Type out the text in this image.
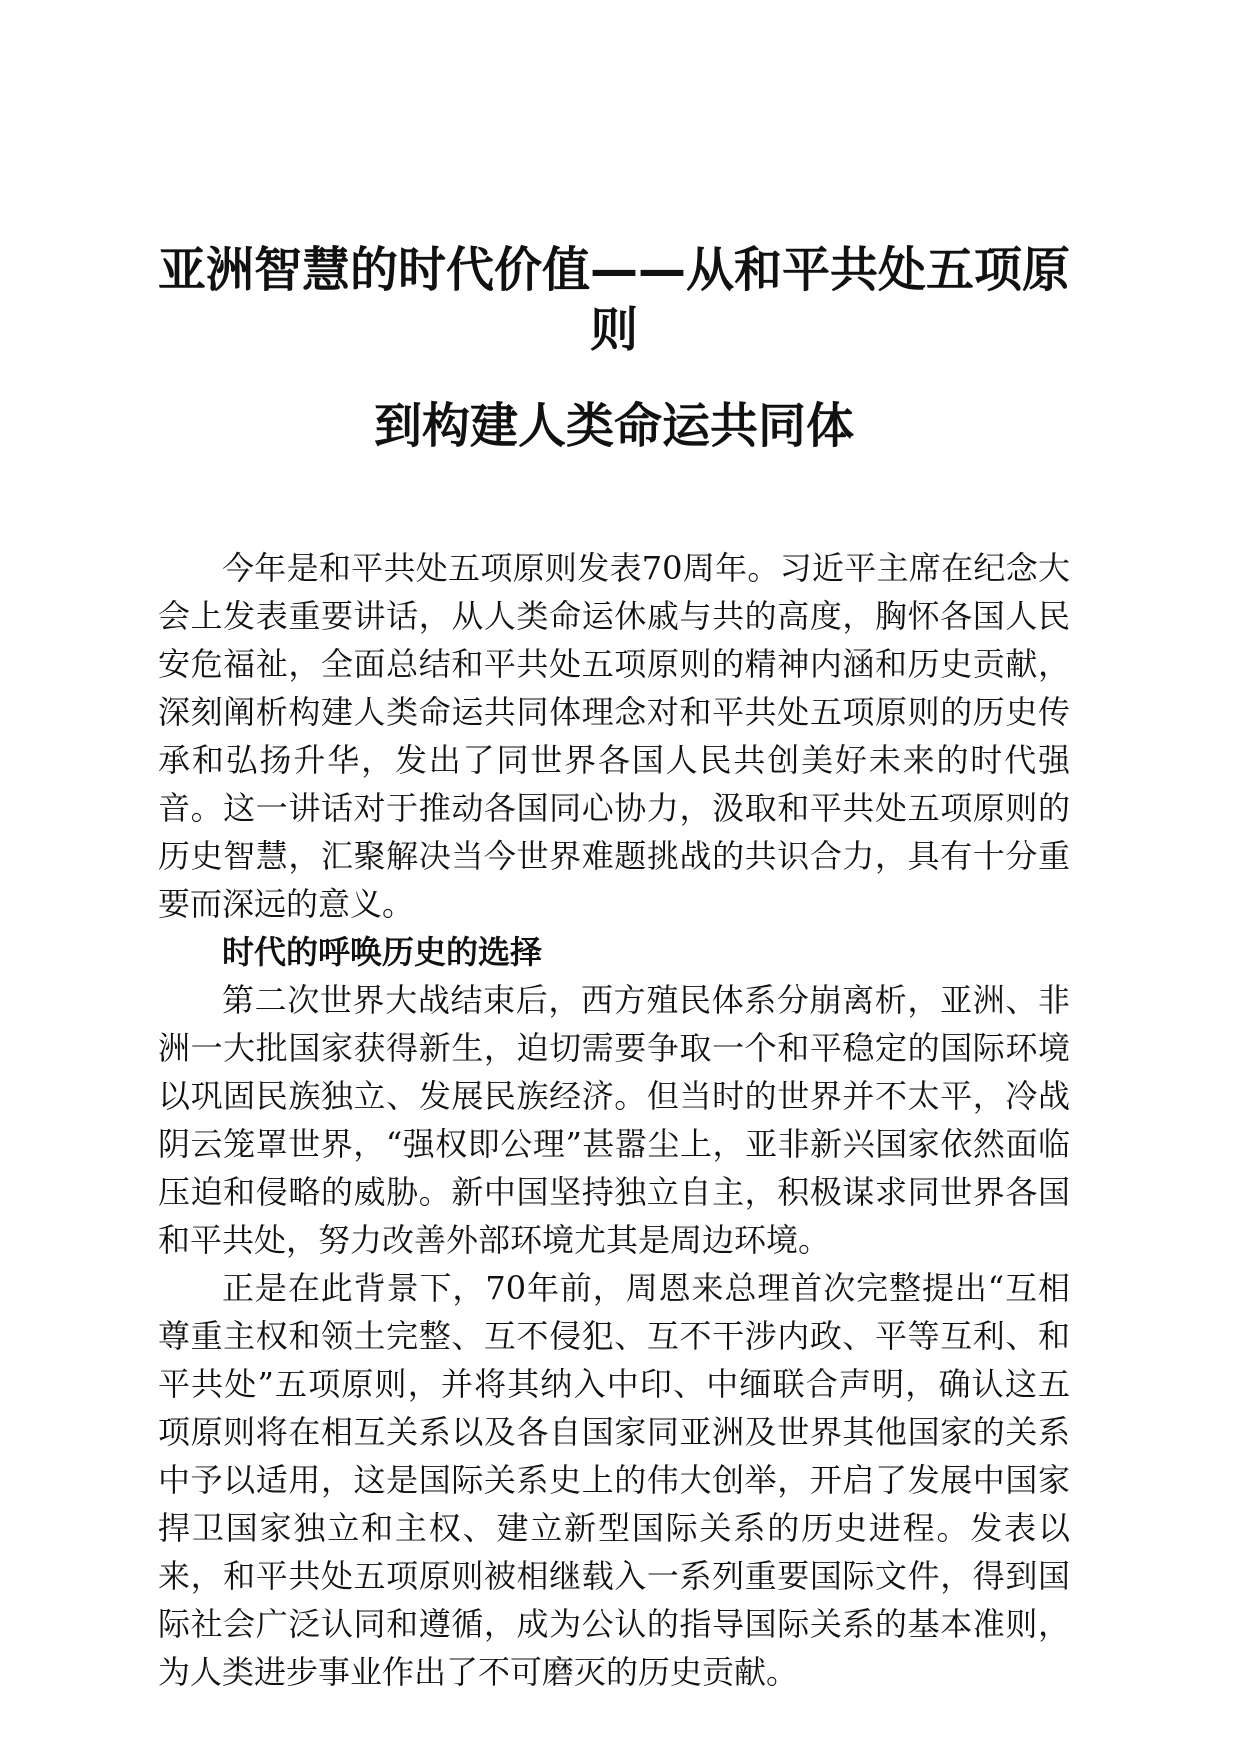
亚洲智慧的时代价值——从和平共处五项原则
到构建人类命运共同体

今年是和平共处五项原则发表70周年。习近平主席在纪念大会上发表重要讲话，从人类命运休戚与共的高度，胸怀各国人民安危福祉，全面总结和平共处五项原则的精神内涵和历史贡献，深刻阐析构建人类命运共同体理念对和平共处五项原则的历史传承和弘扬升华，发出了同世界各国人民共创美好未来的时代强音。这一讲话对于推动各国同心协力，汲取和平共处五项原则的历史智慧，汇聚解决当今世界难题挑战的共识合力，具有十分重要而深远的意义。

时代的呼唤历史的选择

第二次世界大战结束后，西方殖民体系分崩离析，亚洲、非洲一大批国家获得新生，迫切需要争取一个和平稳定的国际环境以巩固民族独立、发展民族经济。但当时的世界并不太平，冷战阴云笼罩世界，“强权即公理”甚嚣尘上，亚非新兴国家依然面临压迫和侵略的威胁。新中国坚持独立自主，积极谋求同世界各国和平共处，努力改善外部环境尤其是周边环境。

正是在此背景下，70年前，周恩来总理首次完整提出“互相尊重主权和领土完整、互不侵犯、互不干涉内政、平等互利、和平共处”五项原则，并将其纳入中印、中缅联合声明，确认这五项原则将在相互关系以及各自国家同亚洲及世界其他国家的关系中予以适用，这是国际关系史上的伟大创举，开启了发展中国家捍卫国家独立和主权、建立新型国际关系的历史进程。发表以来，和平共处五项原则被相继载入一系列重要国际文件，得到国际社会广泛认同和遵循，成为公认的指导国际关系的基本准则，为人类进步事业作出了不可磨灭的历史贡献。
